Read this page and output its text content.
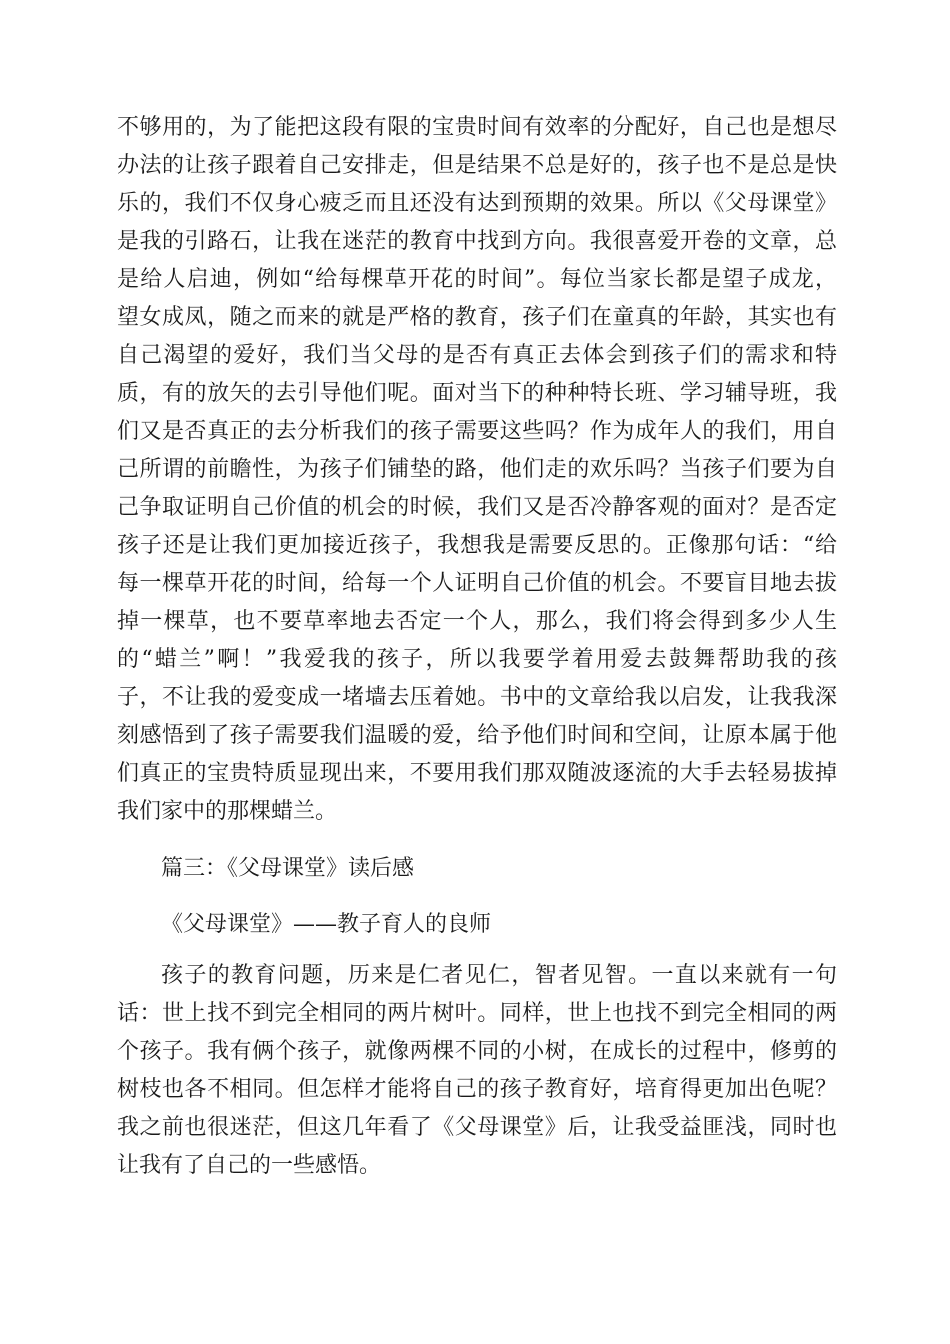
不够用的，为了能把这段有限的宝贵时间有效率的分配好，自己也是想尽

办法的让孩子跟着自己安排走，但是结果不总是好的，孩子也不是总是快

乐的，我们不仅身心疲乏而且还没有达到预期的效果。所以《父母课堂》

是我的引路石，让我在迷茫的教育中找到方向。我很喜爱开卷的文章，总

是给人启迪，例如“给每棵草开花的时间”。每位当家长都是望子成龙，

望女成凤，随之而来的就是严格的教育，孩子们在童真的年龄，其实也有

自己渴望的爱好，我们当父母的是否有真正去体会到孩子们的需求和特

质，有的放矢的去引导他们呢。面对当下的种种特长班、学习辅导班，我

们又是否真正的去分析我们的孩子需要这些吗？作为成年人的我们，用自

己所谓的前瞻性，为孩子们铺垫的路，他们走的欢乐吗？当孩子们要为自

己争取证明自己价值的机会的时候，我们又是否冷静客观的面对？是否定

孩子还是让我们更加接近孩子，我想我是需要反思的。正像那句话：“给

每一棵草开花的时间，给每一个人证明自己价值的机会。不要盲目地去拔

掉一棵草，也不要草率地去否定一个人，那么，我们将会得到多少人生

的“蜡兰”啊！”我爱我的孩子，所以我要学着用爱去鼓舞帮助我的孩

子，不让我的爱变成一堵墙去压着她。书中的文章给我以启发，让我我深

刻感悟到了孩子需要我们温暖的爱，给予他们时间和空间，让原本属于他

们真正的宝贵特质显现出来，不要用我们那双随波逐流的大手去轻易拔掉

我们家中的那棵蜡兰。

篇三：《父母课堂》读后感

《父母课堂》——教子育人的良师

孩子的教育问题，历来是仁者见仁，智者见智。一直以来就有一句

话：世上找不到完全相同的两片树叶。同样，世上也找不到完全相同的两

个孩子。我有俩个孩子，就像两棵不同的小树，在成长的过程中，修剪的

树枝也各不相同。但怎样才能将自己的孩子教育好，培育得更加出色呢？

我之前也很迷茫，但这几年看了《父母课堂》后，让我受益匪浅，同时也

让我有了自己的一些感悟。
